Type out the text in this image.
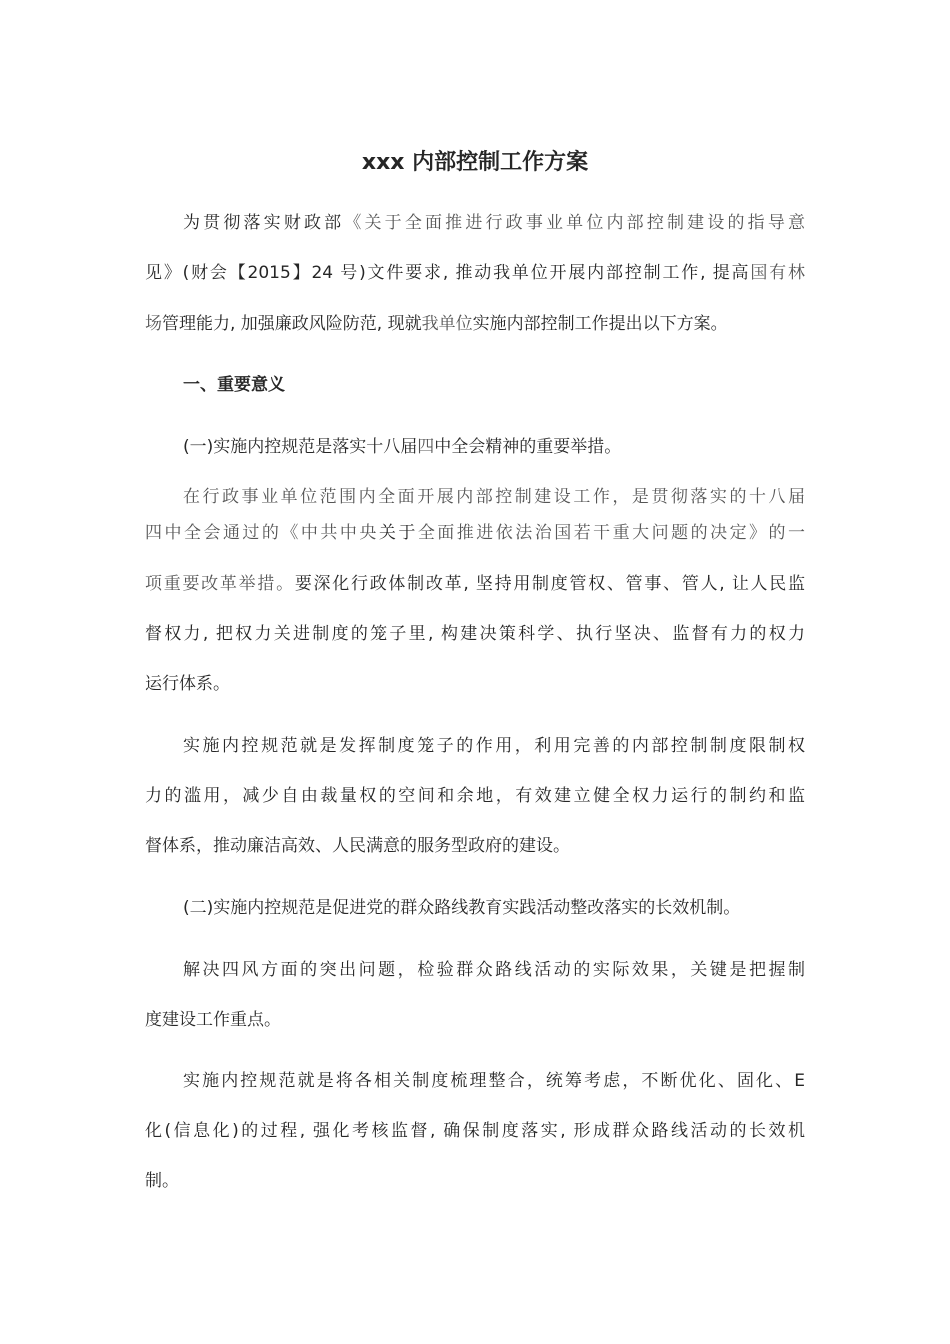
xxx 内部控制工作方案
为贯彻落实财政部《关于全面推进行政事业单位内部控制建设的指导意
见》(财会【2015】24 号)文件要求, 推动我单位开展内部控制工作, 提高国有林
场管理能力, 加强廉政风险防范, 现就我单位实施内部控制工作提出以下方案。
一、重要意义
(一)实施内控规范是落实十八届四中全会精神的重要举措。
在行政事业单位范围内全面开展内部控制建设工作，是贯彻落实的十八届
四中全会通过的《中共中央关于全面推进依法治国若干重大问题的决定》的一
项重要改革举措。要深化行政体制改革, 坚持用制度管权、管事、管人, 让人民监
督权力, 把权力关进制度的笼子里, 构建决策科学、执行坚决、监督有力的权力
运行体系。
实施内控规范就是发挥制度笼子的作用，利用完善的内部控制制度限制权
力的滥用，减少自由裁量权的空间和余地，有效建立健全权力运行的制约和监
督体系，推动廉洁高效、人民满意的服务型政府的建设。
(二)实施内控规范是促进党的群众路线教育实践活动整改落实的长效机制。
解决四风方面的突出问题，检验群众路线活动的实际效果，关键是把握制
度建设工作重点。
实施内控规范就是将各相关制度梳理整合，统筹考虑，不断优化、固化、E
化(信息化)的过程, 强化考核监督, 确保制度落实, 形成群众路线活动的长效机
制。
